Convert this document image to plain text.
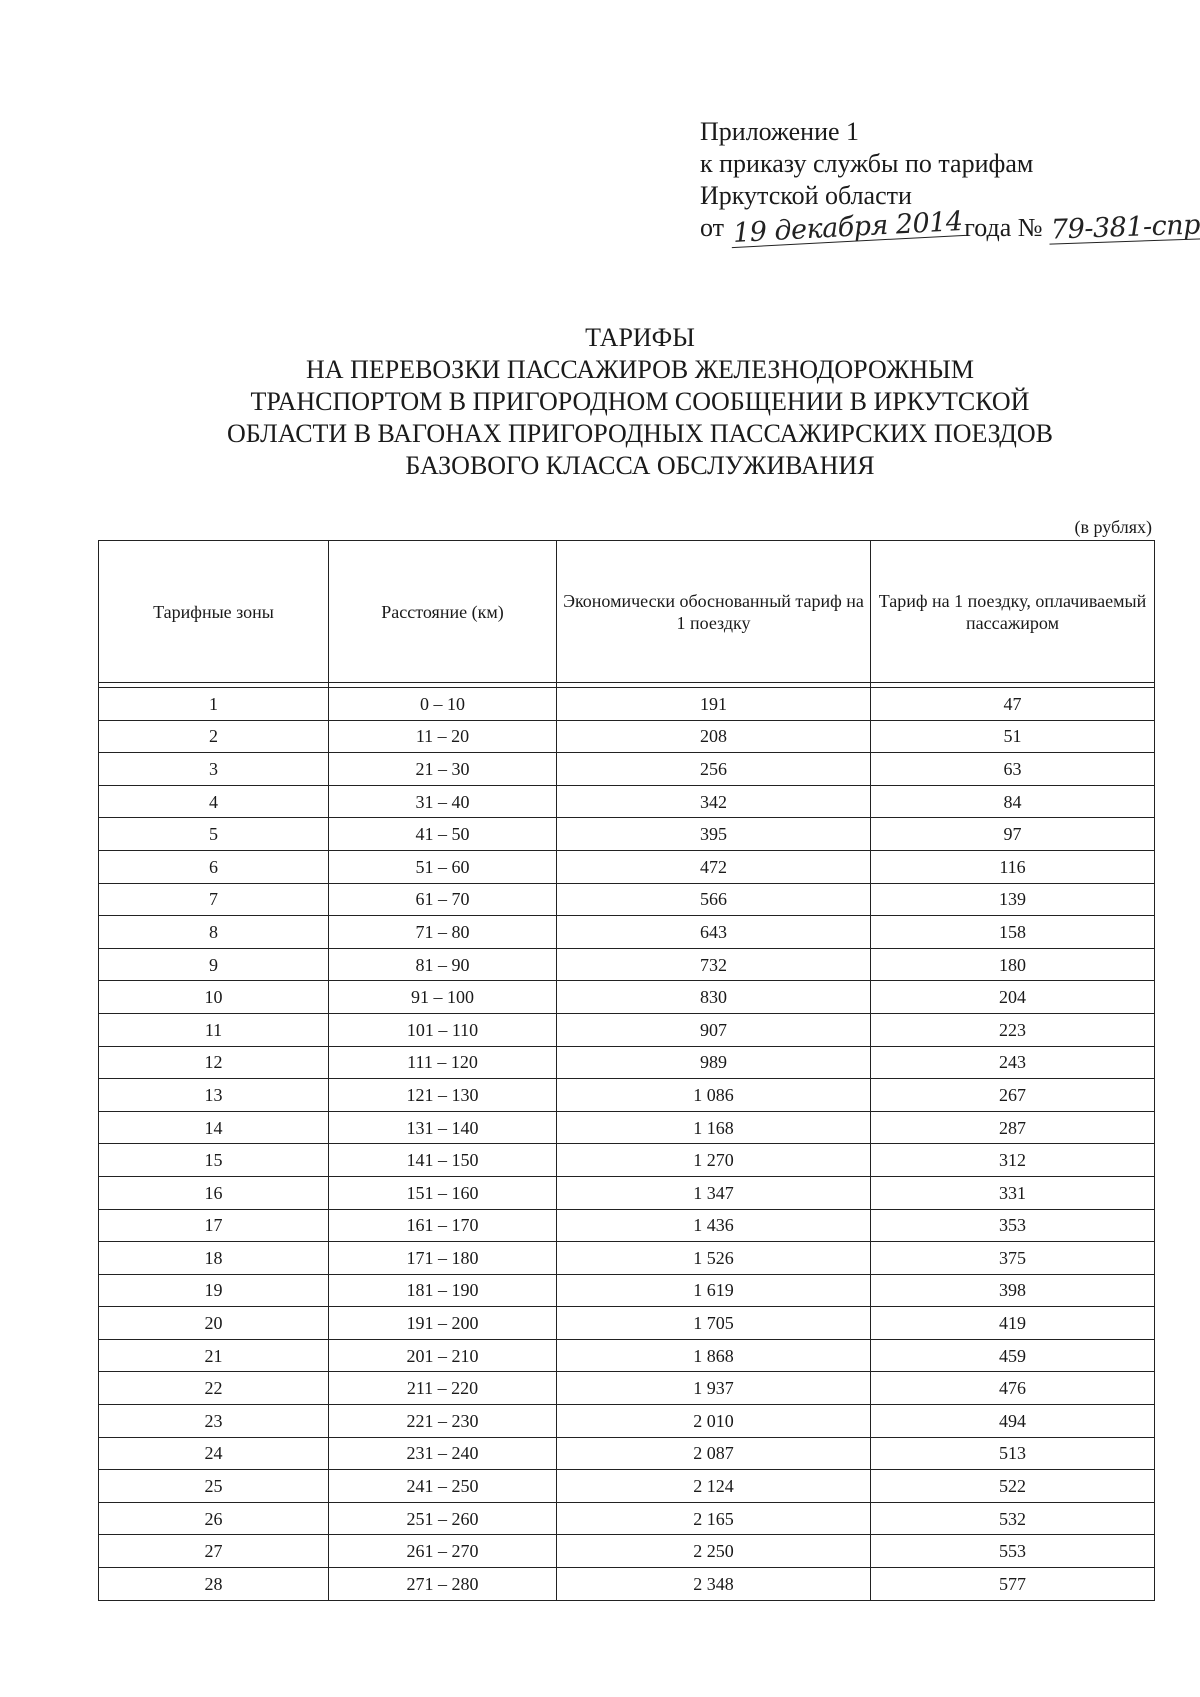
Приложение 1
к приказу службы по тарифам
Иркутской области
от 19 декабря 2014года № 79-381-спр
ТАРИФЫ
НА ПЕРЕВОЗКИ ПАССАЖИРОВ ЖЕЛЕЗНОДОРОЖНЫМ
ТРАНСПОРТОМ В ПРИГОРОДНОМ СООБЩЕНИИ В ИРКУТСКОЙ
ОБЛАСТИ В ВАГОНАХ ПРИГОРОДНЫХ ПАССАЖИРСКИХ ПОЕЗДОВ
БАЗОВОГО КЛАССА ОБСЛУЖИВАНИЯ
(в рублях)
Тарифные зоны	Расстояние (км)	Экономически обоснованный тариф на 1 поездку	Тариф на 1 поездку, оплачиваемый пассажиром

1	0 – 10	191	47
2	11 – 20	208	51
3	21 – 30	256	63
4	31 – 40	342	84
5	41 – 50	395	97
6	51 – 60	472	116
7	61 – 70	566	139
8	71 – 80	643	158
9	81 – 90	732	180
10	91 – 100	830	204
11	101 – 110	907	223
12	111 – 120	989	243
13	121 – 130	1 086	267
14	131 – 140	1 168	287
15	141 – 150	1 270	312
16	151 – 160	1 347	331
17	161 – 170	1 436	353
18	171 – 180	1 526	375
19	181 – 190	1 619	398
20	191 – 200	1 705	419
21	201 – 210	1 868	459
22	211 – 220	1 937	476
23	221 – 230	2 010	494
24	231 – 240	2 087	513
25	241 – 250	2 124	522
26	251 – 260	2 165	532
27	261 – 270	2 250	553
28	271 – 280	2 348	577
